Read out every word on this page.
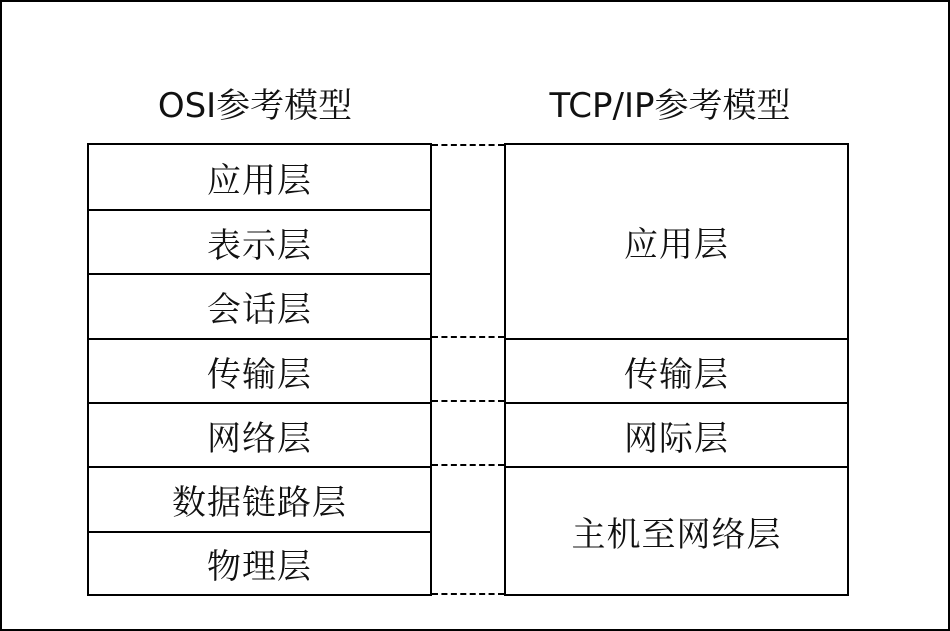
OSI参考模型	TCP/IP参考模型
应用层
表示层
会话层
传输层
网络层
数据链路层
物理层
应用层
传输层
网际层
主机至网络层
